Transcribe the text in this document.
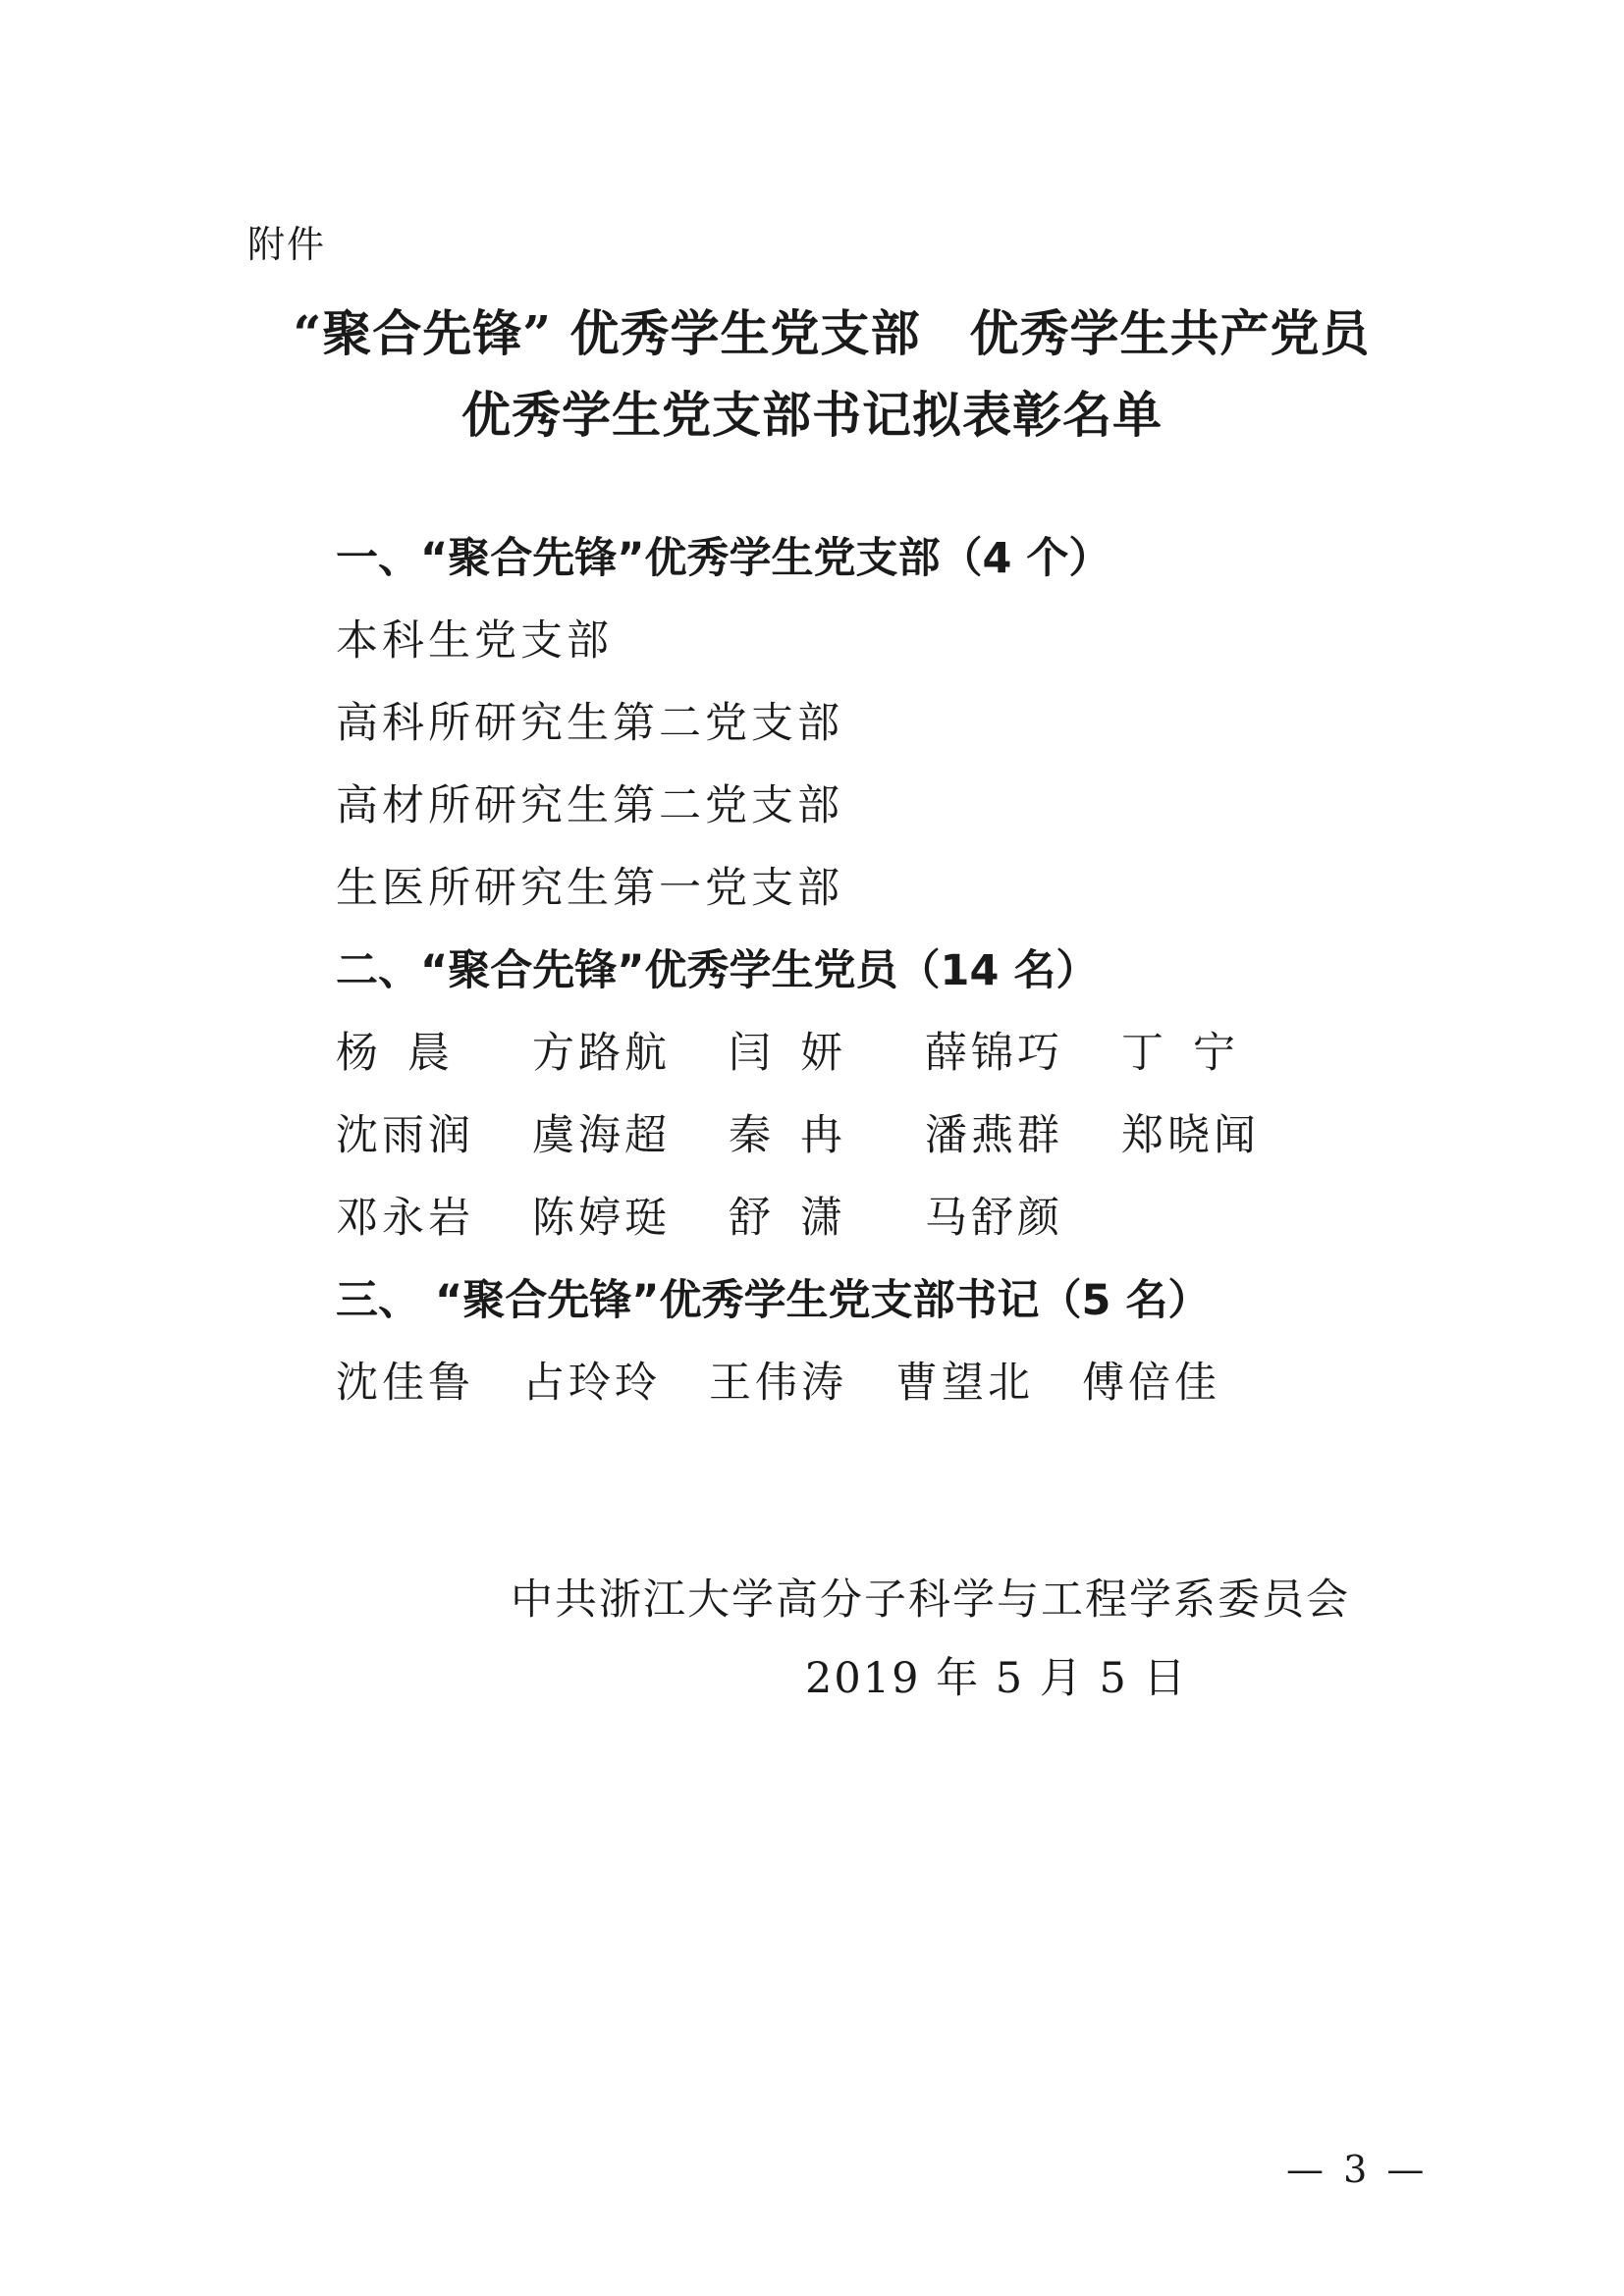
附件
“聚合先锋” 优秀学生党支部 优秀学生共产党员
优秀学生党支部书记拟表彰名单
一、“聚合先锋”优秀学生党支部（4 个）
本科生党支部
高科所研究生第二党支部
高材所研究生第二党支部
生医所研究生第一党支部
二、“聚合先锋”优秀学生党员（14 名）
杨晨	方路航	闫妍	薛锦巧	丁宁
沈雨润	虞海超	秦冉	潘燕群	郑晓闻
邓永岩	陈婷珽	舒潇	马舒颜
三、 “聚合先锋”优秀学生党支部书记（5 名）
沈佳鲁	占玲玲	王伟涛	曹望北	傅倍佳
中共浙江大学高分子科学与工程学系委员会
2019 年 5 月 5 日
— 3 —
